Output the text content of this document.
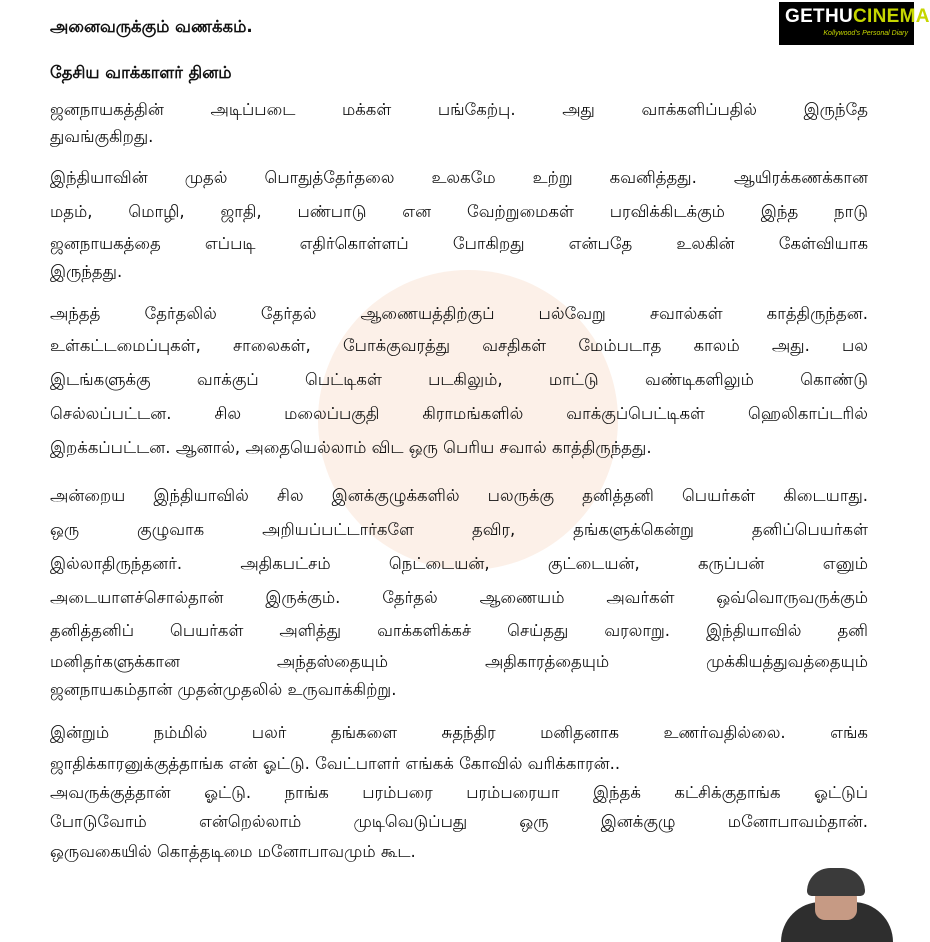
GETHUCINEMA
Kollywood's Personal Diary
அனைவருக்கும் வணக்கம்.
தேசிய வாக்காளர் தினம்
ஜனநாயகத்தின் அடிப்படை மக்கள் பங்கேற்பு. அது வாக்களிப்பதில் இருந்தே
துவங்குகிறது.
இந்தியாவின் முதல் பொதுத்தேர்தலை உலகமே உற்று கவனித்தது. ஆயிரக்கணக்கான
மதம், மொழி, ஜாதி, பண்பாடு என வேற்றுமைகள் பரவிக்கிடக்கும் இந்த நாடு
ஜனநாயகத்தை எப்படி எதிர்கொள்ளப் போகிறது என்பதே உலகின் கேள்வியாக
இருந்தது.
அந்தத் தேர்தலில் தேர்தல் ஆணையத்திற்குப் பல்வேறு சவால்கள் காத்திருந்தன.
உள்கட்டமைப்புகள், சாலைகள், போக்குவரத்து வசதிகள் மேம்படாத காலம் அது. பல
இடங்களுக்கு வாக்குப் பெட்டிகள் படகிலும், மாட்டு வண்டிகளிலும் கொண்டு
செல்லப்பட்டன. சில மலைப்பகுதி கிராமங்களில் வாக்குப்பெட்டிகள் ஹெலிகாப்டரில்
இறக்கப்பட்டன. ஆனால், அதையெல்லாம் விட ஒரு பெரிய சவால் காத்திருந்தது.
அன்றைய இந்தியாவில் சில இனக்குழுக்களில் பலருக்கு தனித்தனி பெயர்கள் கிடையாது.
ஒரு குழுவாக அறியப்பட்டார்களே தவிர, தங்களுக்கென்று தனிப்பெயர்கள்
இல்லாதிருந்தனர். அதிகபட்சம் நெட்டையன், குட்டையன், கருப்பன் எனும்
அடையாளச்சொல்தான் இருக்கும். தேர்தல் ஆணையம் அவர்கள் ஒவ்வொருவருக்கும்
தனித்தனிப் பெயர்கள் அளித்து வாக்களிக்கச் செய்தது வரலாறு. இந்தியாவில் தனி
மனிதர்களுக்கான அந்தஸ்தையும் அதிகாரத்தையும் முக்கியத்துவத்தையும்
ஜனநாயகம்தான் முதன்முதலில் உருவாக்கிற்று.
இன்றும் நம்மில் பலர் தங்களை சுதந்திர மனிதனாக உணர்வதில்லை. எங்க
ஜாதிக்காரனுக்குத்தாங்க என் ஓட்டு. வேட்பாளர் எங்கக் கோவில் வரிக்காரன்..
அவருக்குத்தான் ஓட்டு. நாங்க பரம்பரை பரம்பரையா இந்தக் கட்சிக்குதாங்க ஓட்டுப்
போடுவோம் என்றெல்லாம் முடிவெடுப்பது ஒரு இனக்குழு மனோபாவம்தான்.
ஒருவகையில் கொத்தடிமை மனோபாவமும் கூட.
